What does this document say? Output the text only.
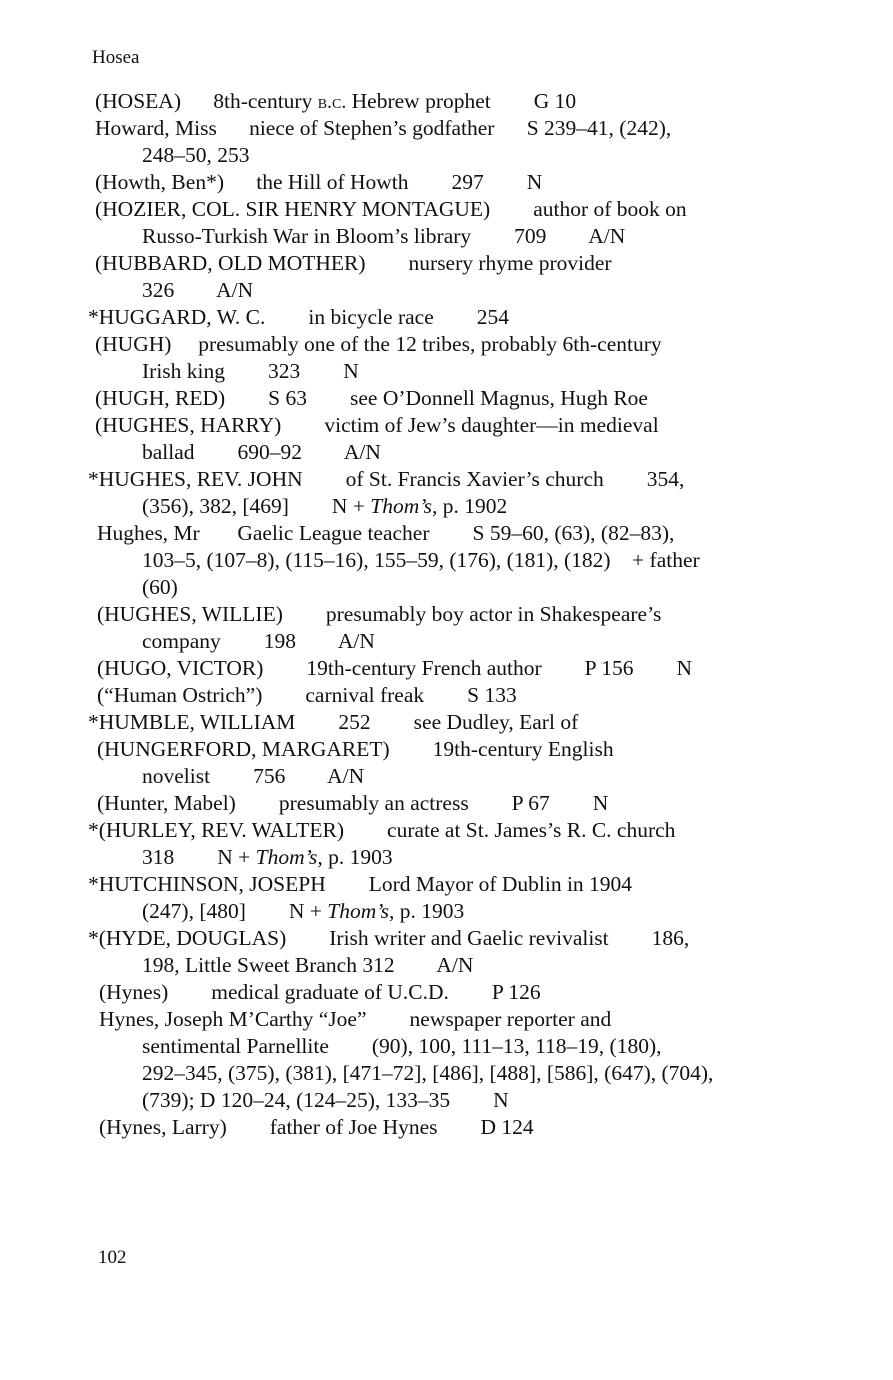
Hosea
(HOSEA)      8th-century b.c. Hebrew prophet        G 10
Howard, Miss      niece of Stephen’s godfather      S 239–41, (242),
248–50, 253
(Howth, Ben*)      the Hill of Howth        297        N
(HOZIER, COL. SIR HENRY MONTAGUE)        author of book on
Russo-Turkish War in Bloom’s library        709        A/N
(HUBBARD, OLD MOTHER)        nursery rhyme provider
326        A/N
*HUGGARD, W. C.        in bicycle race        254
(HUGH)     presumably one of the 12 tribes, probably 6th-century
Irish king        323        N
(HUGH, RED)        S 63        see O’Donnell Magnus, Hugh Roe
(HUGHES, HARRY)        victim of Jew’s daughter—in medieval
ballad        690–92        A/N
*HUGHES, REV. JOHN        of St. Francis Xavier’s church        354,
(356), 382, [469]        N + Thom’s, p. 1902
Hughes, Mr       Gaelic League teacher        S 59–60, (63), (82–83),
103–5, (107–8), (115–16), 155–59, (176), (181), (182)    + father
(60)
(HUGHES, WILLIE)        presumably boy actor in Shakespeare’s
company        198        A/N
(HUGO, VICTOR)        19th-century French author        P 156        N
(“Human Ostrich”)        carnival freak        S 133
*HUMBLE, WILLIAM        252        see Dudley, Earl of
(HUNGERFORD, MARGARET)        19th-century English
novelist        756        A/N
(Hunter, Mabel)        presumably an actress        P 67        N
*(HURLEY, REV. WALTER)        curate at St. James’s R. C. church
318        N + Thom’s, p. 1903
*HUTCHINSON, JOSEPH        Lord Mayor of Dublin in 1904
(247), [480]        N + Thom’s, p. 1903
*(HYDE, DOUGLAS)        Irish writer and Gaelic revivalist        186,
198, Little Sweet Branch 312        A/N
(Hynes)        medical graduate of U.C.D.        P 126
Hynes, Joseph M’Carthy “Joe”        newspaper reporter and
sentimental Parnellite        (90), 100, 111–13, 118–19, (180),
292–345, (375), (381), [471–72], [486], [488], [586], (647), (704),
(739); D 120–24, (124–25), 133–35        N
(Hynes, Larry)        father of Joe Hynes        D 124
102
